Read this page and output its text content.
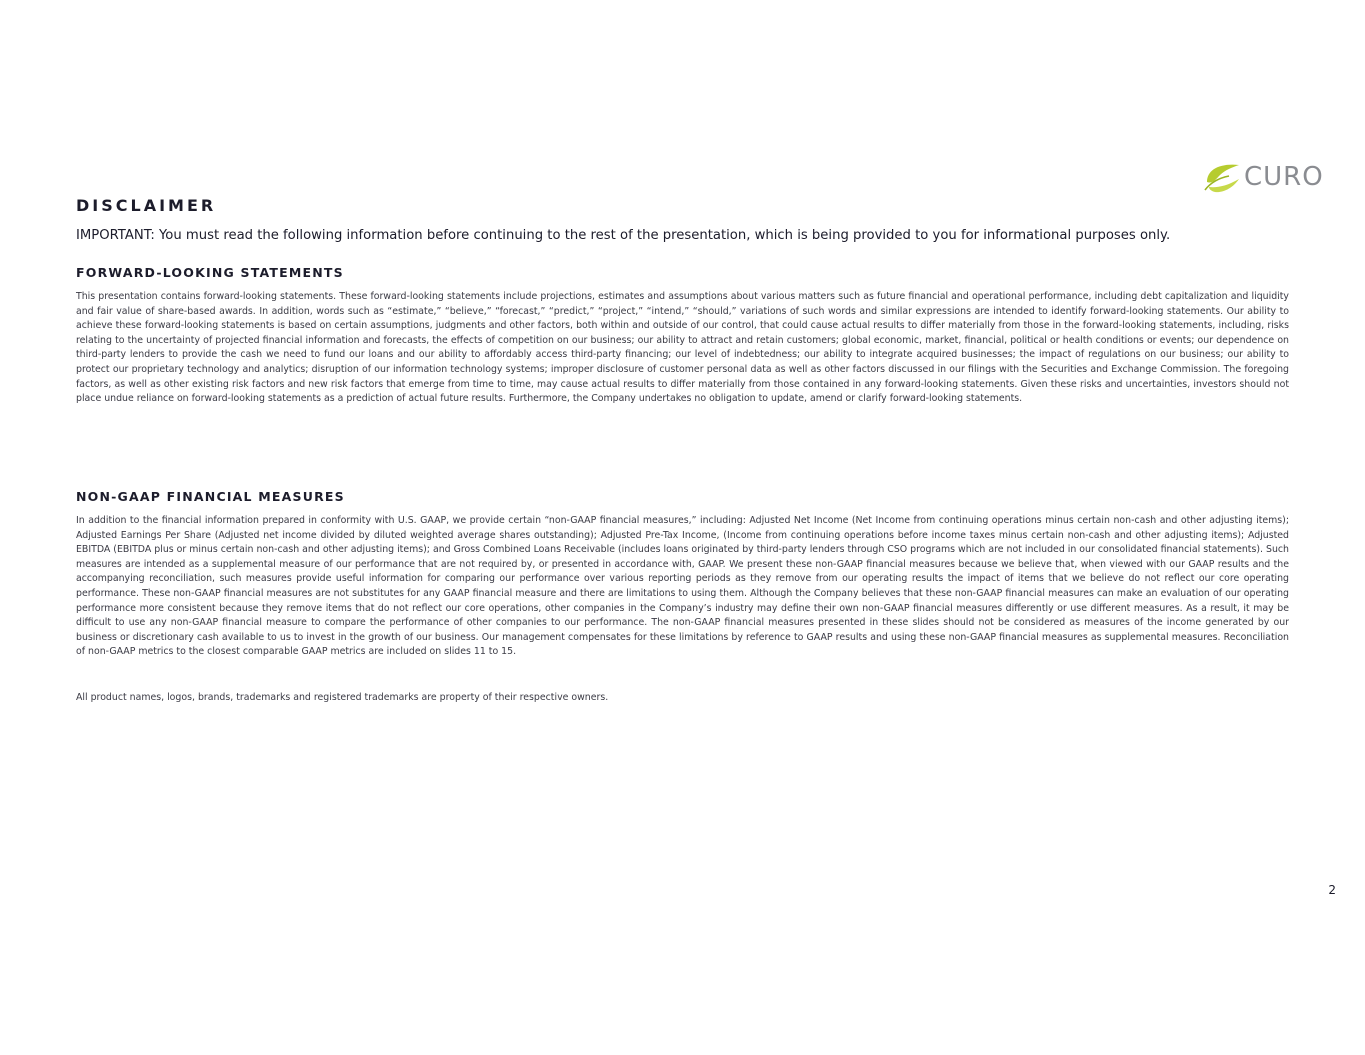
CURO
DISCLAIMER

IMPORTANT: You must read the following information before continuing to the rest of the presentation, which is being provided to you for informational purposes only.

FORWARD-LOOKING STATEMENTS

This presentation contains forward-looking statements. These forward-looking statements include projections, estimates and assumptions about various matters such as future financial and operational performance, including debt capitalization and liquidity and fair value of share-based awards. In addition, words such as “estimate,” “believe,” “forecast,” “predict,” “project,” “intend,” “should,” variations of such words and similar expressions are intended to identify forward-looking statements. Our ability to achieve these forward-looking statements is based on certain assumptions, judgments and other factors, both within and outside of our control, that could cause actual results to differ materially from those in the forward-looking statements, including, risks relating to the uncertainty of projected financial information and forecasts, the effects of competition on our business; our ability to attract and retain customers; global economic, market, financial, political or health conditions or events; our dependence on third-party lenders to provide the cash we need to fund our loans and our ability to affordably access third-party financing; our level of indebtedness; our ability to integrate acquired businesses; the impact of regulations on our business; our ability to protect our proprietary technology and analytics; disruption of our information technology systems; improper disclosure of customer personal data as well as other factors discussed in our filings with the Securities and Exchange Commission. The foregoing factors, as well as other existing risk factors and new risk factors that emerge from time to time, may cause actual results to differ materially from those contained in any forward-looking statements. Given these risks and uncertainties, investors should not place undue reliance on forward-looking statements as a prediction of actual future results. Furthermore, the Company undertakes no obligation to update, amend or clarify forward-looking statements.

NON-GAAP FINANCIAL MEASURES

In addition to the financial information prepared in conformity with U.S. GAAP, we provide certain “non-GAAP financial measures,” including: Adjusted Net Income (Net Income from continuing operations minus certain non-cash and other adjusting items); Adjusted Earnings Per Share (Adjusted net income divided by diluted weighted average shares outstanding); Adjusted Pre-Tax Income, (Income from continuing operations before income taxes minus certain non-cash and other adjusting items); Adjusted EBITDA (EBITDA plus or minus certain non-cash and other adjusting items); and Gross Combined Loans Receivable (includes loans originated by third-party lenders through CSO programs which are not included in our consolidated financial statements). Such measures are intended as a supplemental measure of our performance that are not required by, or presented in accordance with, GAAP. We present these non-GAAP financial measures because we believe that, when viewed with our GAAP results and the accompanying reconciliation, such measures provide useful information for comparing our performance over various reporting periods as they remove from our operating results the impact of items that we believe do not reflect our core operating performance. These non-GAAP financial measures are not substitutes for any GAAP financial measure and there are limitations to using them. Although the Company believes that these non-GAAP financial measures can make an evaluation of our operating performance more consistent because they remove items that do not reflect our core operations, other companies in the Company’s industry may define their own non-GAAP financial measures differently or use different measures. As a result, it may be difficult to use any non-GAAP financial measure to compare the performance of other companies to our performance. The non-GAAP financial measures presented in these slides should not be considered as measures of the income generated by our business or discretionary cash available to us to invest in the growth of our business. Our management compensates for these limitations by reference to GAAP results and using these non-GAAP financial measures as supplemental measures. Reconciliation of non-GAAP metrics to the closest comparable GAAP metrics are included on slides 11 to 15.

All product names, logos, brands, trademarks and registered trademarks are property of their respective owners.

2
